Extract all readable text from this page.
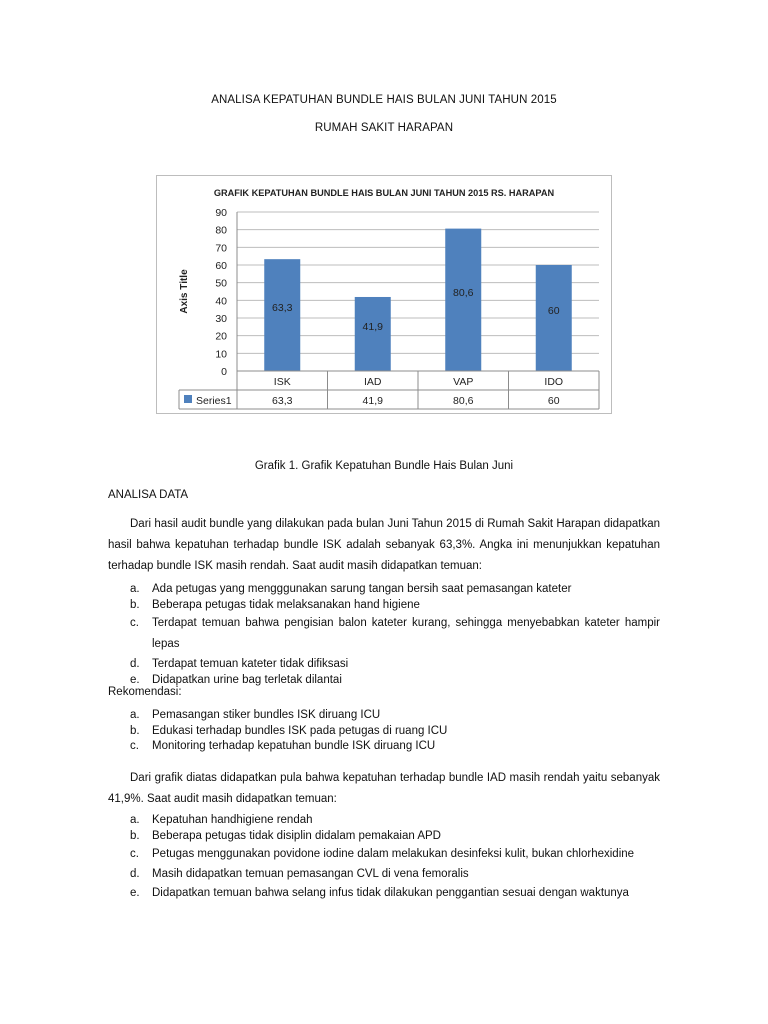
ANALISA KEPATUHAN BUNDLE HAIS BULAN JUNI TAHUN 2015
RUMAH SAKIT HARAPAN
GRAFIK KEPATUHAN BUNDLE HAIS BULAN JUNI TAHUN 2015 RS. HARAPAN
0
10
20
30
40
50
60
70
80
90
Axis Title	63,3
41,9
80,6
60
ISK
63,3
IAD
41,9
VAP
80,6
IDO
60
Series1
Grafik 1. Grafik Kepatuhan Bundle Hais Bulan Juni
ANALISA DATA

Dari hasil audit bundle yang dilakukan pada bulan Juni Tahun 2015 di Rumah Sakit Harapan didapatkan hasil bahwa kepatuhan terhadap bundle ISK adalah sebanyak 63,3%. Angka ini menunjukkan kepatuhan terhadap bundle ISK masih rendah. Saat audit masih didapatkan temuan:

a. Ada petugas yang mengggunakan sarung tangan bersih saat pemasangan kateter
b. Beberapa petugas tidak melaksanakan hand higiene
c. Terdapat temuan bahwa pengisian balon kateter kurang, sehingga menyebabkan kateter hampir lepas
d. Terdapat temuan kateter tidak difiksasi
e. Didapatkan urine bag terletak dilantai
Rekomendasi:
a. Pemasangan stiker bundles ISK diruang ICU
b. Edukasi terhadap bundles ISK pada petugas di ruang ICU
c. Monitoring terhadap kepatuhan bundle ISK diruang ICU

Dari grafik diatas didapatkan pula bahwa kepatuhan terhadap bundle IAD masih rendah yaitu sebanyak 41,9%. Saat audit masih didapatkan temuan:

a. Kepatuhan handhigiene rendah
b. Beberapa petugas tidak disiplin didalam pemakaian APD
c. Petugas menggunakan povidone iodine dalam melakukan desinfeksi kulit, bukan chlorhexidine
d. Masih didapatkan temuan pemasangan CVL di vena femoralis
e. Didapatkan temuan bahwa selang infus tidak dilakukan penggantian sesuai dengan waktunya
